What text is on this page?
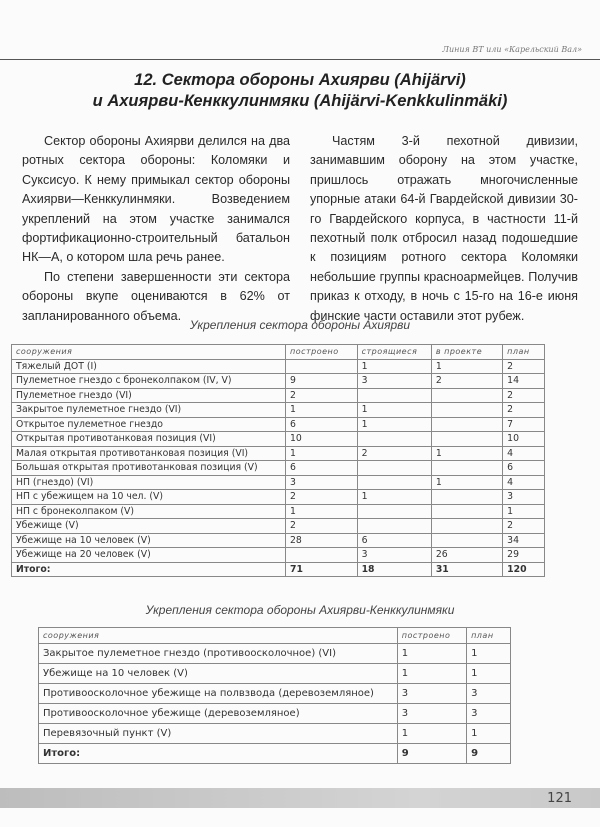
Линия ВТ или «Карельский Вал»
12. Сектора обороны Ахиярви (Ahijärvi)
и Ахиярви-Кенккулинмяки (Ahijärvi-Kenkkulinmäki)

Сектор обороны Ахиярви делился на два ротных сектора обороны: Коломяки и Суксисуо. К нему примыкал сектор обороны Ахиярви—Кенккулинмяки. Возведением укреплений на этом участке занимался фортификационно-строительный батальон НК—А, о котором шла речь ранее.

По степени завершенности эти сектора обороны вкупе оцениваются в 62% от запланированного объема.

Частям 3-й пехотной дивизии, занимавшим оборону на этом участке, пришлось отражать многочисленные упорные атаки 64-й Гвардейской дивизии 30-го Гвардейского корпуса, в частности 11-й пехотный полк отбросил назад подошедшие к позициям ротного сектора Коломяки небольшие группы красноармейцев. Получив приказ к отходу, в ночь с 15-го на 16-е июня финские части оставили этот рубеж.

Укрепления сектора обороны Ахиярви
сооружения	построено	строящиеся	в проекте	план
Тяжелый ДОТ (I)		1	1	2
Пулеметное гнездо с бронеколпаком (IV, V)	9	3	2	14
Пулеметное гнездо (VI)	2			2
Закрытое пулеметное гнездо (VI)	1	1		2
Открытое пулеметное гнездо	6	1		7
Открытая противотанковая позиция (VI)	10			10
Малая открытая противотанковая позиция (VI)	1	2	1	4
Большая открытая противотанковая позиция (V)	6			6
НП (гнездо) (VI)	3		1	4
НП с убежищем на 10 чел. (V)	2	1		3
НП с бронеколпаком (V)	1			1
Убежище (V)	2			2
Убежище на 10 человек (V)	28	6		34
Убежище на 20 человек (V)		3	26	29
Итого:	71	18	31	120
Укрепления сектора обороны Ахиярви-Кенккулинмяки
сооружения	построено	план
Закрытое пулеметное гнездо (противоосколочное) (VI)	1	1
Убежище на 10 человек (V)	1	1
Противоосколочное убежище на полвзвода (деревоземляное)	3	3
Противоосколочное убежище (деревоземляное)	3	3
Перевязочный пункт (V)	1	1
Итого:	9	9
121
